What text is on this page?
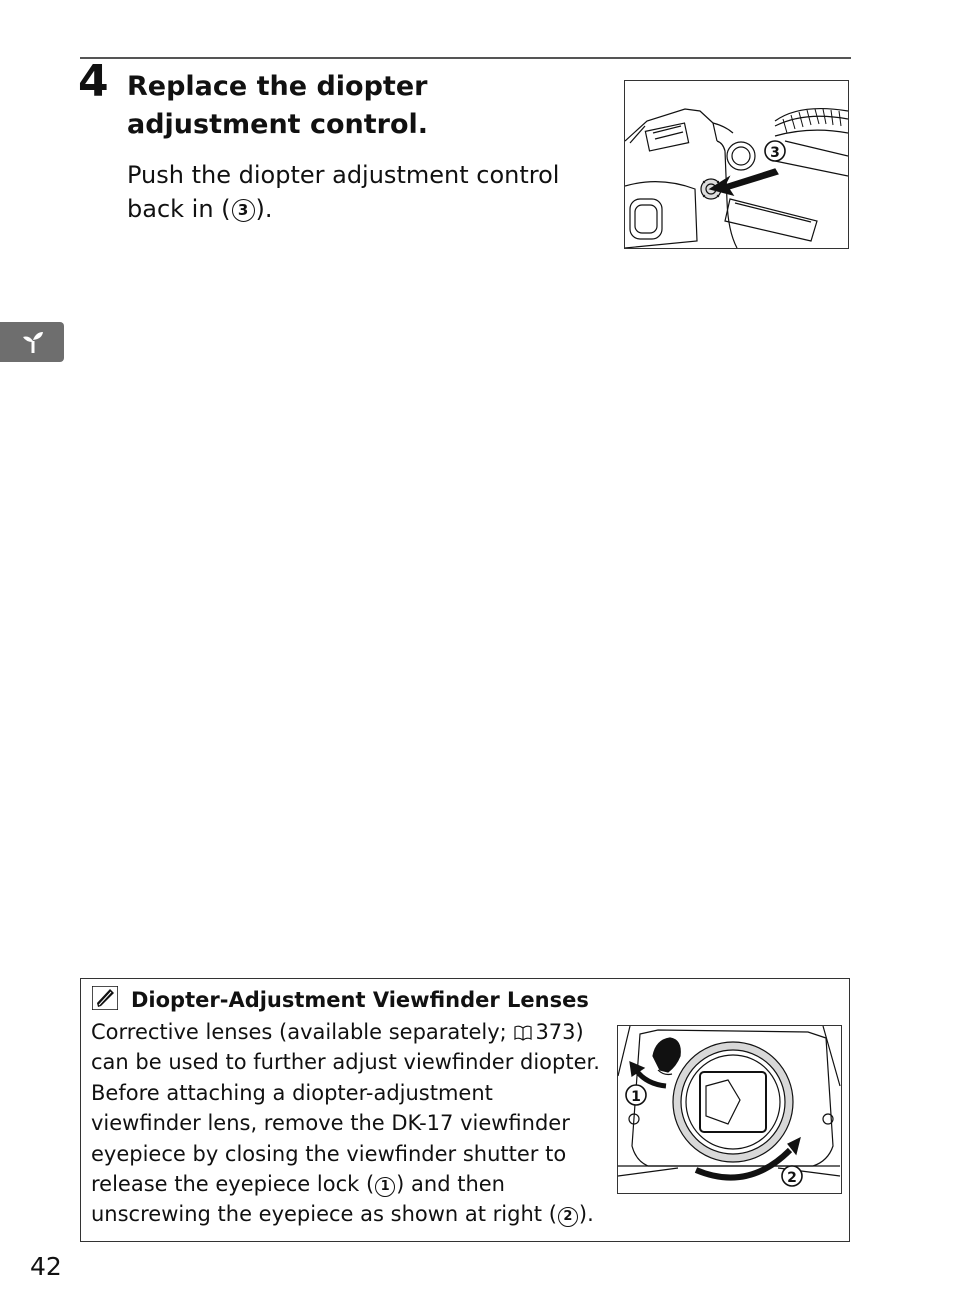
4 Replace the diopter adjustment control.

Push the diopter adjustment control back in ( 3 ).

3
Diopter-Adjustment Viewfinder Lenses

Corrective lenses (available separately; 373) can be used to further adjust viewfinder diopter. Before attaching a diopter-adjustment viewfinder lens, remove the DK-17 viewfinder eyepiece by closing the viewfinder shutter to release the eyepiece lock ( 1 ) and then unscrewing the eyepiece as shown at right ( 2 ).

1
2
42
